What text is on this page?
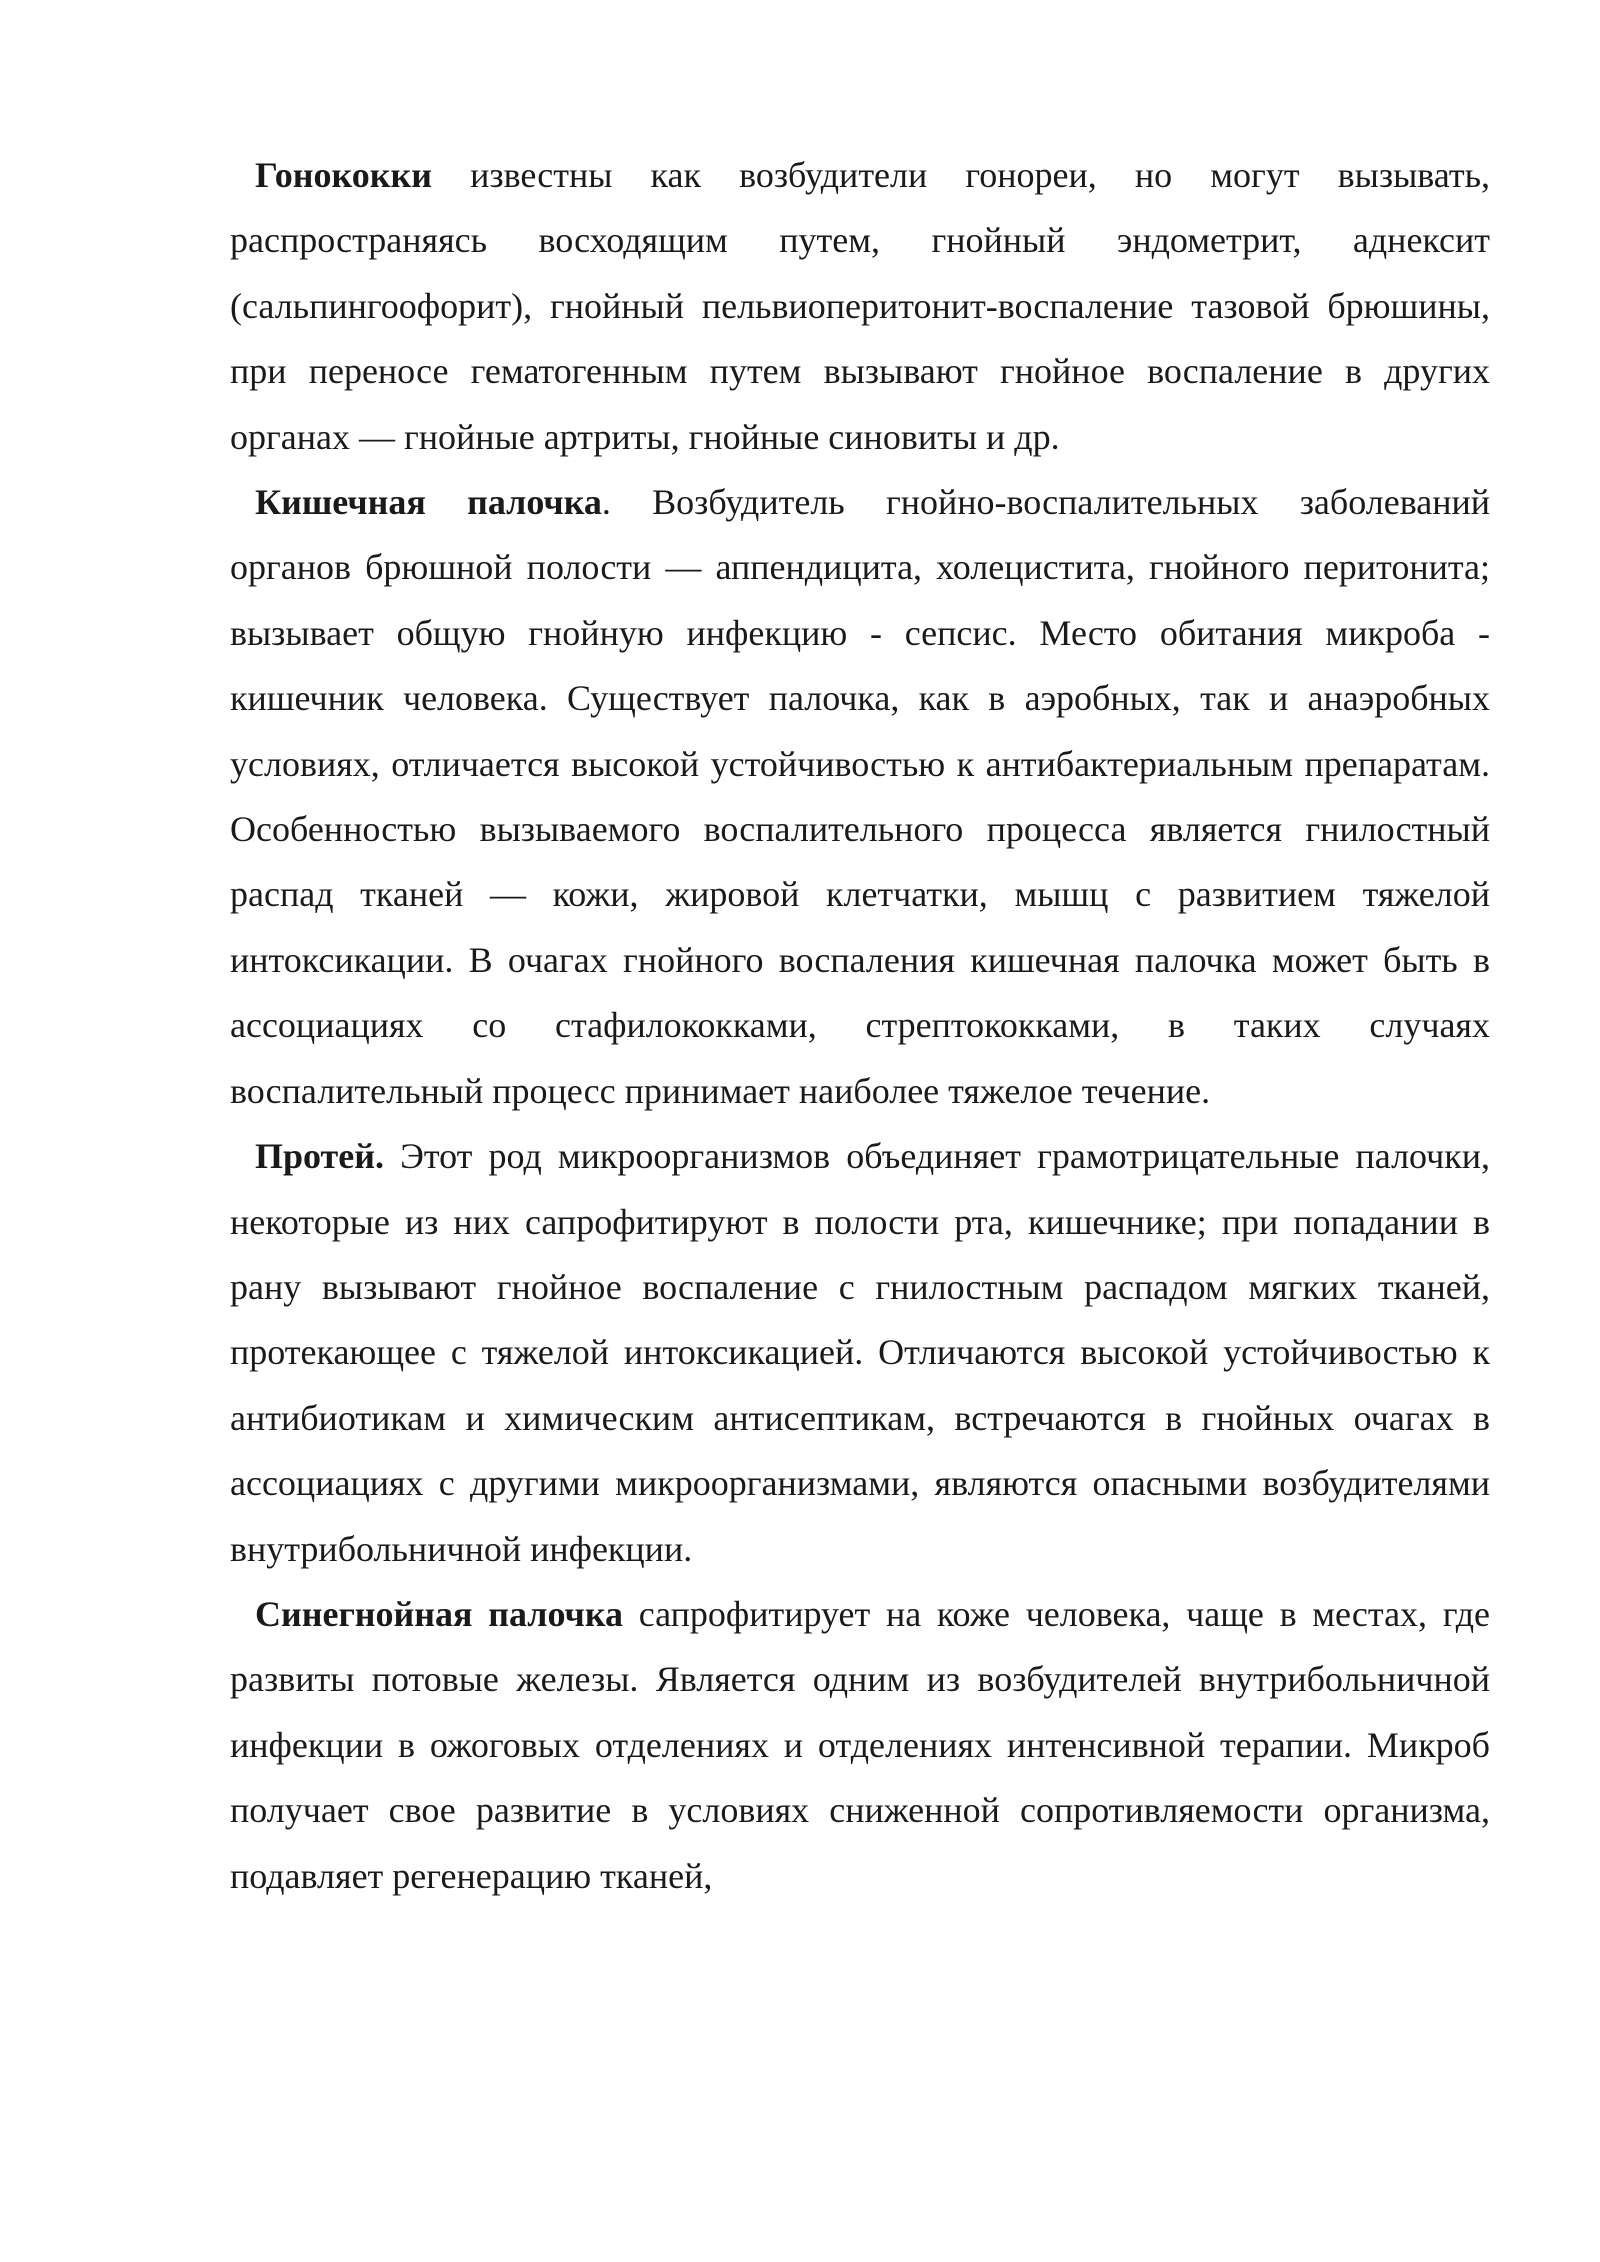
Гонококки известны как возбудители гонореи, но могут вызывать, распространяясь восходящим путем, гнойный эндометрит, аднексит (сальпингоофорит), гнойный пельвиоперитонит-воспаление тазовой брюшины, при переносе гематогенным путем вызывают гнойное воспаление в других органах — гнойные артриты, гнойные синовиты и др.

Кишечная палочка. Возбудитель гнойно-воспалительных заболеваний органов брюшной полости — аппендицита, холецистита, гнойного перитонита; вызывает общую гнойную инфекцию - сепсис. Место обитания микроба - кишечник человека. Существует палочка, как в аэробных, так и анаэробных условиях, отличается высокой устойчивостью к антибактериальным препаратам. Особенностью вызываемого воспалительного процесса является гнилостный распад тканей — кожи, жировой клетчатки, мышц с развитием тяжелой интоксикации. В очагах гнойного воспаления кишечная палочка может быть в ассоциациях со стафилококками, стрептококками, в таких случаях воспалительный процесс принимает наиболее тяжелое течение.

Протей. Этот род микроорганизмов объединяет грамотрицательные палочки, некоторые из них сапрофитируют в полости рта, кишечнике; при попадании в рану вызывают гнойное воспаление с гнилостным распадом мягких тканей, протекающее с тяжелой интоксикацией. Отличаются высокой устойчивостью к антибиотикам и химическим антисептикам, встречаются в гнойных очагах в ассоциациях с другими микроорганизмами, являются опасными возбудителями внутрибольничной инфекции.

Синегнойная палочка сапрофитирует на коже человека, чаще в местах, где развиты потовые железы. Является одним из возбудителей внутрибольничной инфекции в ожоговых отделениях и отделениях интенсивной терапии. Микроб получает свое развитие в условиях сниженной сопротивляемости организма, подавляет регенерацию тканей,
